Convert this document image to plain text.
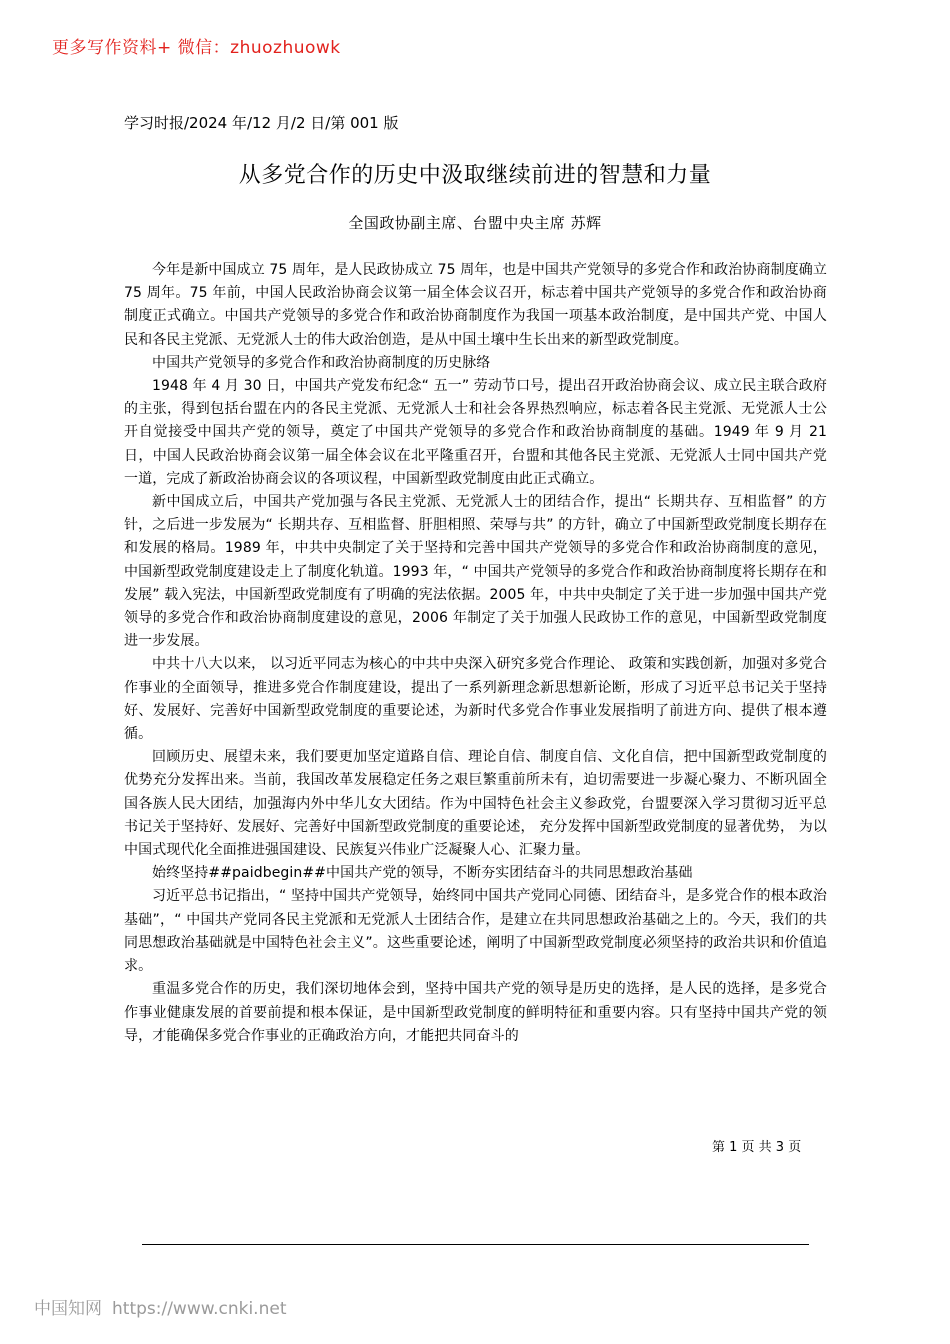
更多写作资料+ 微信：zhuozhuowk
学习时报/2024 年/12 月/2 日/第 001 版
从多党合作的历史中汲取继续前进的智慧和力量
全国政协副主席、台盟中央主席 苏辉

今年是新中国成立 75 周年，是人民政协成立 75 周年，也是中国共产党领导的多党合作和政治协商制度确立 75 周年。75 年前，中国人民政治协商会议第一届全体会议召开，标志着中国共产党领导的多党合作和政治协商制度正式确立。中国共产党领导的多党合作和政治协商制度作为我国一项基本政治制度，是中国共产党、中国人民和各民主党派、无党派人士的伟大政治创造，是从中国土壤中生长出来的新型政党制度。

中国共产党领导的多党合作和政治协商制度的历史脉络

1948 年 4 月 30 日，中国共产党发布纪念“ 五一” 劳动节口号，提出召开政治协商会议、成立民主联合政府的主张，得到包括台盟在内的各民主党派、无党派人士和社会各界热烈响应，标志着各民主党派、无党派人士公开自觉接受中国共产党的领导，奠定了中国共产党领导的多党合作和政治协商制度的基础。1949 年 9 月 21 日，中国人民政治协商会议第一届全体会议在北平隆重召开，台盟和其他各民主党派、无党派人士同中国共产党一道，完成了新政治协商会议的各项议程，中国新型政党制度由此正式确立。

新中国成立后，中国共产党加强与各民主党派、无党派人士的团结合作，提出“ 长期共存、互相监督” 的方针，之后进一步发展为“ 长期共存、互相监督、肝胆相照、荣辱与共” 的方针，确立了中国新型政党制度长期存在和发展的格局。1989 年，中共中央制定了关于坚持和完善中国共产党领导的多党合作和政治协商制度的意见，中国新型政党制度建设走上了制度化轨道。1993 年，“ 中国共产党领导的多党合作和政治协商制度将长期存在和发展” 载入宪法，中国新型政党制度有了明确的宪法依据。2005 年，中共中央制定了关于进一步加强中国共产党领导的多党合作和政治协商制度建设的意见，2006 年制定了关于加强人民政协工作的意见，中国新型政党制度进一步发展。

中共十八大以来， 以习近平同志为核心的中共中央深入研究多党合作理论、 政策和实践创新，加强对多党合作事业的全面领导，推进多党合作制度建设，提出了一系列新理念新思想新论断，形成了习近平总书记关于坚持好、发展好、完善好中国新型政党制度的重要论述，为新时代多党合作事业发展指明了前进方向、提供了根本遵循。

回顾历史、展望未来，我们要更加坚定道路自信、理论自信、制度自信、文化自信，把中国新型政党制度的优势充分发挥出来。当前，我国改革发展稳定任务之艰巨繁重前所未有，迫切需要进一步凝心聚力、不断巩固全国各族人民大团结，加强海内外中华儿女大团结。作为中国特色社会主义参政党，台盟要深入学习贯彻习近平总书记关于坚持好、发展好、完善好中国新型政党制度的重要论述， 充分发挥中国新型政党制度的显著优势， 为以中国式现代化全面推进强国建设、民族复兴伟业广泛凝聚人心、汇聚力量。

始终坚持##paidbegin##中国共产党的领导，不断夯实团结奋斗的共同思想政治基础

习近平总书记指出，“ 坚持中国共产党领导，始终同中国共产党同心同德、团结奋斗，是多党合作的根本政治基础”，“ 中国共产党同各民主党派和无党派人士团结合作，是建立在共同思想政治基础之上的。今天，我们的共同思想政治基础就是中国特色社会主义”。这些重要论述，阐明了中国新型政党制度必须坚持的政治共识和价值追求。

重温多党合作的历史，我们深切地体会到，坚持中国共产党的领导是历史的选择，是人民的选择，是多党合作事业健康发展的首要前提和根本保证，是中国新型政党制度的鲜明特征和重要内容。只有坚持中国共产党的领导，才能确保多党合作事业的正确政治方向，才能把共同奋斗的

第 1 页 共 3 页
中国知网 https://www.cnki.net
